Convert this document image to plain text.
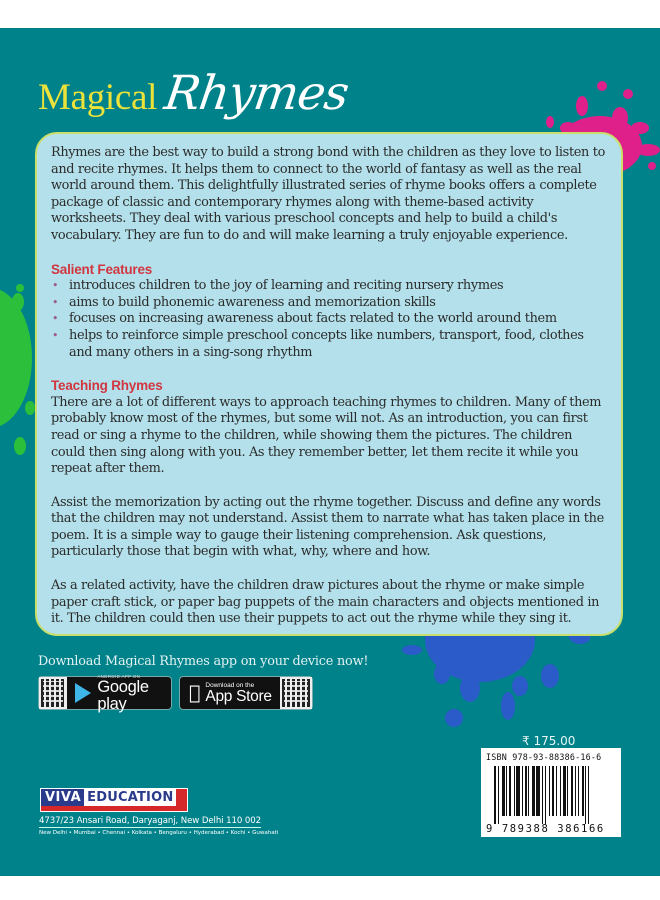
Magical Rhymes

Rhymes are the best way to build a strong bond with the children as they love to listen to and recite rhymes. It helps them to connect to the world of fantasy as well as the real world around them. This delightfully illustrated series of rhyme books offers a complete package of classic and contemporary rhymes along with theme-based activity worksheets. They deal with various preschool concepts and help to build a child's vocabulary. They are fun to do and will make learning a truly enjoyable experience.

Salient Features
• introduces children to the joy of learning and reciting nursery rhymes
• aims to build phonemic awareness and memorization skills
• focuses on increasing awareness about facts related to the world around them
• helps to reinforce simple preschool concepts like numbers, transport, food, clothes and many others in a sing-song rhythm
Teaching Rhymes

There are a lot of different ways to approach teaching rhymes to children. Many of them probably know most of the rhymes, but some will not. As an introduction, you can first read or sing a rhyme to the children, while showing them the pictures. The children could then sing along with you. As they remember better, let them recite it while you repeat after them.

Assist the memorization by acting out the rhyme together. Discuss and define any words that the children may not understand. Assist them to narrate what has taken place in the poem. It is a simple way to gauge their listening comprehension. Ask questions, particularly those that begin with what, why, where and how.

As a related activity, have the children draw pictures about the rhyme or make simple paper craft stick, or paper bag puppets of the main characters and objects mentioned in it. The children could then use their puppets to act out the rhyme while they sing it.

Download Magical Rhymes app on your device now!
ANDROID APP ON
Google play
Download on the
App Store
₹ 175.00
ISBN 978-93-88386-16-6
9 789388 386166
VIVA EDUCATION
4737/23 Ansari Road, Daryaganj, New Delhi 110 002
New Delhi • Mumbai • Chennai • Kolkata • Bengaluru • Hyderabad • Kochi • Guwahati
